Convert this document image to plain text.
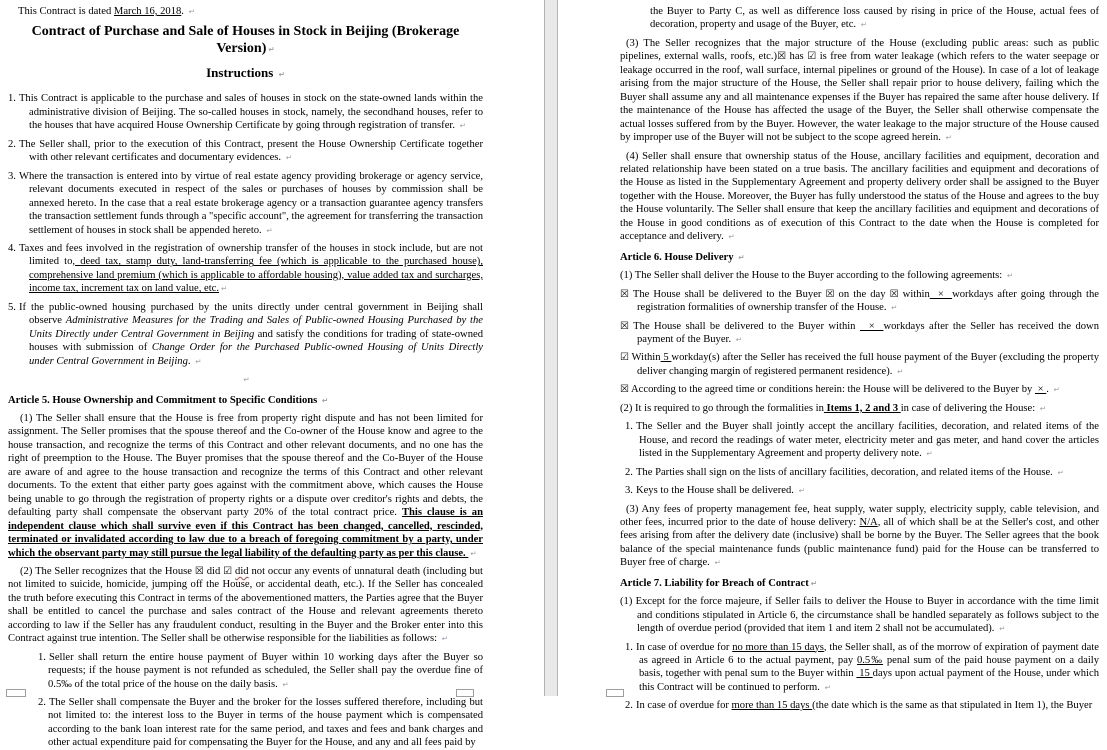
This Contract is dated March 16, 2018. ↵

Contract of Purchase and Sale of Houses in Stock in Beijing (Brokerage Version) ↵
Instructions ↵
1. This Contract is applicable to the purchase and sales of houses in stock on the state-owned lands within the administrative division of Beijing. The so-called houses in stock, namely, the secondhand houses, refer to the houses that have acquired House Ownership Certificate by going through registration of transfer. ↵
2. The Seller shall, prior to the execution of this Contract, present the House Ownership Certificate together with other relevant certificates and documentary evidences. ↵
3. Where the transaction is entered into by virtue of real estate agency providing brokerage or agency service, relevant documents executed in respect of the sales or purchases of houses by commission shall be annexed hereto. In the case that a real estate brokerage agency or a transaction guarantee agency transfers the transaction settlement funds through a "specific account", the agreement for transferring the transaction settlement of houses in stock shall be appended hereto. ↵
4. Taxes and fees involved in the registration of ownership transfer of the houses in stock include, but are not limited to, deed tax, stamp duty, land-transferring fee (which is applicable to the purchased house), comprehensive land premium (which is applicable to affordable housing), value added tax and surcharges, income tax, increment tax on land value, etc. ↵
5. If the public-owned housing purchased by the units directly under central government in Beijing shall observe Administrative Measures for the Trading and Sales of Public-owned Housing Purchased by the Units Directly under Central Government in Beijing and satisfy the conditions for trading of state-owned houses with submission of Change Order for the Purchased Public-owned Housing of Units Directly under Central Government in Beijing. ↵
↵
Article 5. House Ownership and Commitment to Specific Conditions ↵

(1) The Seller shall ensure that the House is free from property right dispute and has not been limited for assignment. The Seller promises that the spouse thereof and the Co-owner of the House know and agree to the house transaction, and recognize the terms of this Contract and other relevant documents, and no one has the right of preemption to the House. The Buyer promises that the spouse thereof and the Co-Buyer of the House are aware of and agree to the house transaction and recognize the terms of this Contract and other relevant documents. To the extent that either party goes against with the commitment above, which causes the House being unable to go through the registration of property rights or a dispute over creditor's rights and debts, the defaulting party shall compensate the observant party 20% of the total contract price. This clause is an independent clause which shall survive even if this Contract has been changed, cancelled, rescinded, terminated or invalidated according to law due to a breach of foregoing commitment by a party, under which the observant party may still pursue the legal liability of the defaulting party as per this clause. ↵

(2) The Seller recognizes that the House ☒ did ☑ did not occur any events of unnatural death (including but not limited to suicide, homicide, jumping off the House, or accidental death, etc.). If the Seller has concealed the truth before executing this Contract in terms of the abovementioned matters, the Parties agree that the Buyer shall be entitled to cancel the purchase and sales contract of the House and relevant agreements thereto according to law if the Seller has any fraudulent conduct, resulting in the Buyer and the Broker enter into this Contract against true intention. The Seller shall be otherwise responsible for the liabilities as follows: ↵

1. Seller shall return the entire house payment of Buyer within 10 working days after the Buyer so requests; if the house payment is not refunded as scheduled, the Seller shall pay the overdue fine of 0.5‰ of the total price of the house on the daily basis. ↵
2. The Seller shall compensate the Buyer and the broker for the losses suffered therefore, including but not limited to: the interest loss to the Buyer in terms of the house payment which is compensated according to the bank loan interest rate for the same period, and taxes and fees and bank charges and other actual expenditure paid for compensating the Buyer for the House, and any and all fees paid by
the Buyer to Party C, as well as difference loss caused by rising in price of the House, actual fees of decoration, property and usage of the Buyer, etc. ↵

(3) The Seller recognizes that the major structure of the House (excluding public areas: such as public pipelines, external walls, roofs, etc.)☒ has ☑ is free from water leakage (which refers to the water seepage or leakage occurred in the roof, wall surface, internal pipelines or ground of the House). In case of a lot of leakage arising from the major structure of the House, the Seller shall repair prior to house delivery, failing which the Buyer shall assume any and all maintenance expenses if the Buyer has repaired the same after house delivery. If the maintenance of the House has affected the usage of the Buyer, the Seller shall otherwise compensate the actual losses suffered from by the Buyer. However, the water leakage to the major structure of the House caused by improper use of the Buyer will not be subject to the scope agreed herein. ↵

(4) Seller shall ensure that ownership status of the House, ancillary facilities and equipment, decoration and related relationship have been stated on a true basis. The ancillary facilities and equipment and decorations of the House as listed in the Supplementary Agreement and property delivery order shall be assigned to the Buyer together with the House. Moreover, the Buyer has fully understood the status of the House and agrees to the buy the House voluntarily. The Seller shall ensure that keep the ancillary facilities and equipment and decorations of the House in good conditions as of execution of this Contract to the date when the House is completed for acceptance and delivery. ↵

Article 6. House Delivery ↵

(1) The Seller shall deliver the House to the Buyer according to the following agreements: ↵

☒ The House shall be delivered to the Buyer ☒ on the day ☒ within  ×  workdays after going through the registration formalities of ownership transfer of the House. ↵
☒ The House shall be delivered to the Buyer within   ×  workdays after the Seller has received the down payment of the Buyer. ↵
☑ Within 5 workday(s) after the Seller has received the full house payment of the Buyer (excluding the property deliver changing margin of registered permanent residence). ↵
☒ According to the agreed time or conditions herein: the House will be delivered to the Buyer by  × . ↵

(2) It is required to go through the formalities in Items 1, 2 and 3 in case of delivering the House: ↵

1. The Seller and the Buyer shall jointly accept the ancillary facilities, decoration, and related items of the House, and record the readings of water meter, electricity meter and gas meter, and hand cover the articles listed in the Supplementary Agreement and property delivery note. ↵
2. The Parties shall sign on the lists of ancillary facilities, decoration, and related items of the House. ↵
3. Keys to the House shall be delivered. ↵

(3) Any fees of property management fee, heat supply, water supply, electricity supply, cable television, and other fees, incurred prior to the date of house delivery: N/A, all of which shall be at the Seller's cost, and other fees arising from after the delivery date (inclusive) shall be borne by the Buyer. The Seller agrees that the book balance of the special maintenance funds (public maintenance fund) paid for the House can be transferred to Buyer free of charge. ↵

Article 7. Liability for Breach of Contract ↵

(1) Except for the force majeure, if Seller fails to deliver the House to Buyer in accordance with the time limit and conditions stipulated in Article 6, the circumstance shall be handled separately as follows subject to the length of overdue period (provided that item 1 and item 2 shall not be accumulated). ↵

1. In case of overdue for no more than 15 days, the Seller shall, as of the morrow of expiration of payment date as agreed in Article 6 to the actual payment, pay 0.5‰ penal sum of the paid house payment on a daily basis, together with penal sum to the Buyer within  15 days upon actual payment of the House, under which this Contract will be continued to perform. ↵
2. In case of overdue for more than 15 days (the date which is the same as that stipulated in Item 1), the Buyer
